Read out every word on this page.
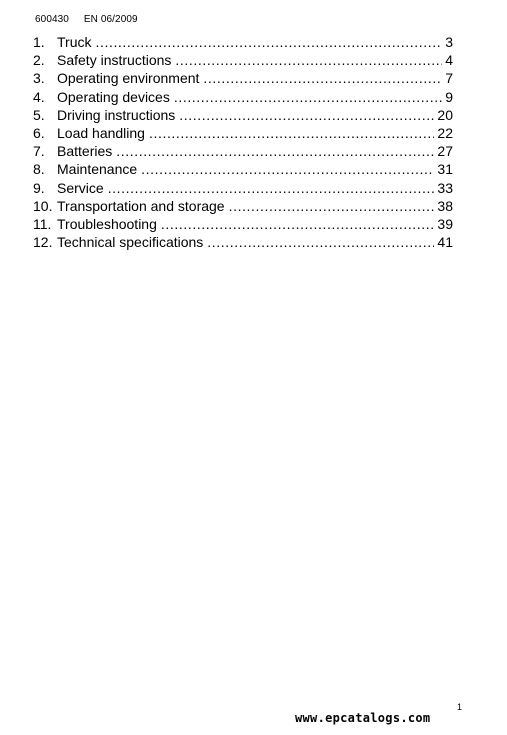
600430 EN 06/2009
1. Truck .....	3
2. Safety instructions .....	4
3. Operating environment .....	7
4. Operating devices .....	9
5. Driving instructions .....	20
6. Load handling .....	22
7. Batteries .....	27
8. Maintenance .....	31
9. Service .....	33
10. Transportation and storage .....	38
11. Troubleshooting .....	39
12. Technical specifications .....	41
1
www.epcatalogs.com
